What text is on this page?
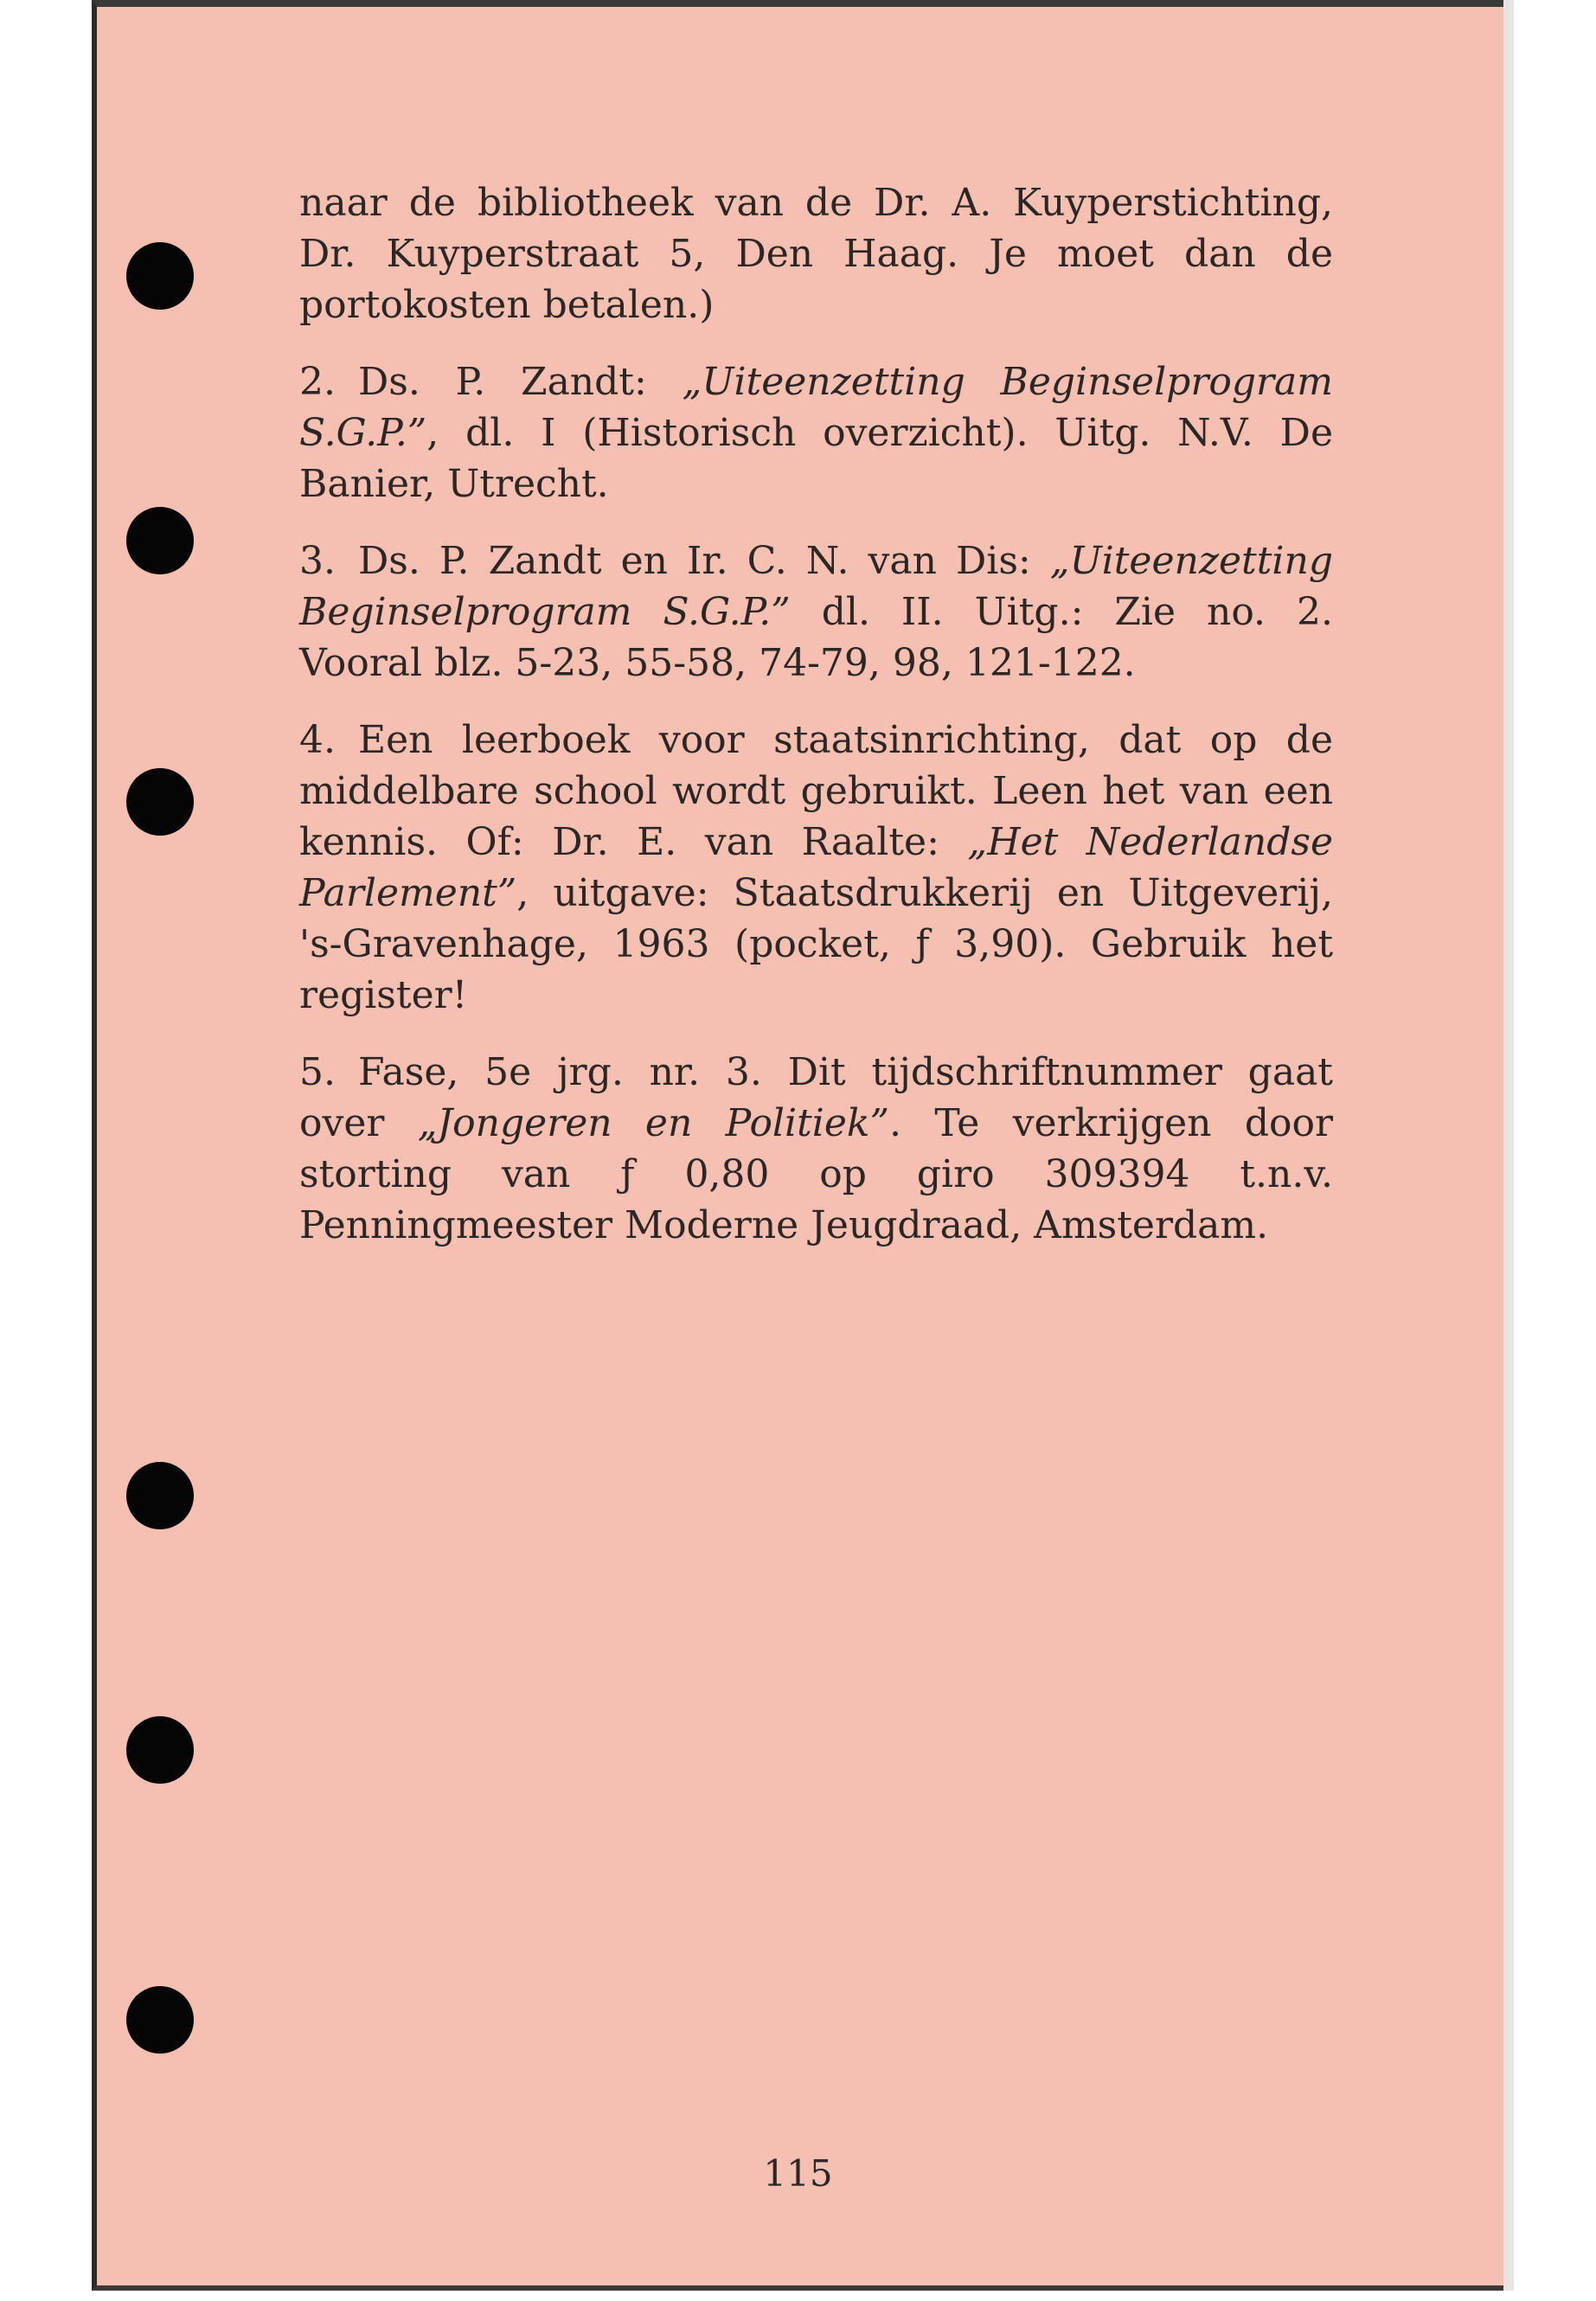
naar de bibliotheek van de Dr. A. Kuyperstichting, Dr. Kuyperstraat 5, Den Haag. Je moet dan de portokosten betalen.)

2. Ds. P. Zandt: „Uiteenzetting Beginselprogram S.G.P.”, dl. I (Historisch overzicht). Uitg. N.V. De Banier, Utrecht.

3. Ds. P. Zandt en Ir. C. N. van Dis: „Uiteenzetting Beginselprogram S.G.P.” dl. II. Uitg.: Zie no. 2. Vooral blz. 5-23, 55-58, 74-79, 98, 121-122.

4. Een leerboek voor staatsinrichting, dat op de middelbare school wordt gebruikt. Leen het van een kennis. Of: Dr. E. van Raalte: „Het Nederlandse Parlement”, uitgave: Staatsdrukkerij en Uitgeverij, 's-Gravenhage, 1963 (pocket, ƒ 3,90). Gebruik het register!

5. Fase, 5e jrg. nr. 3. Dit tijdschriftnummer gaat over „Jongeren en Politiek”. Te verkrijgen door storting van ƒ 0,80 op giro 309394 t.n.v. Penningmeester Moderne Jeugdraad, Amsterdam.

115
